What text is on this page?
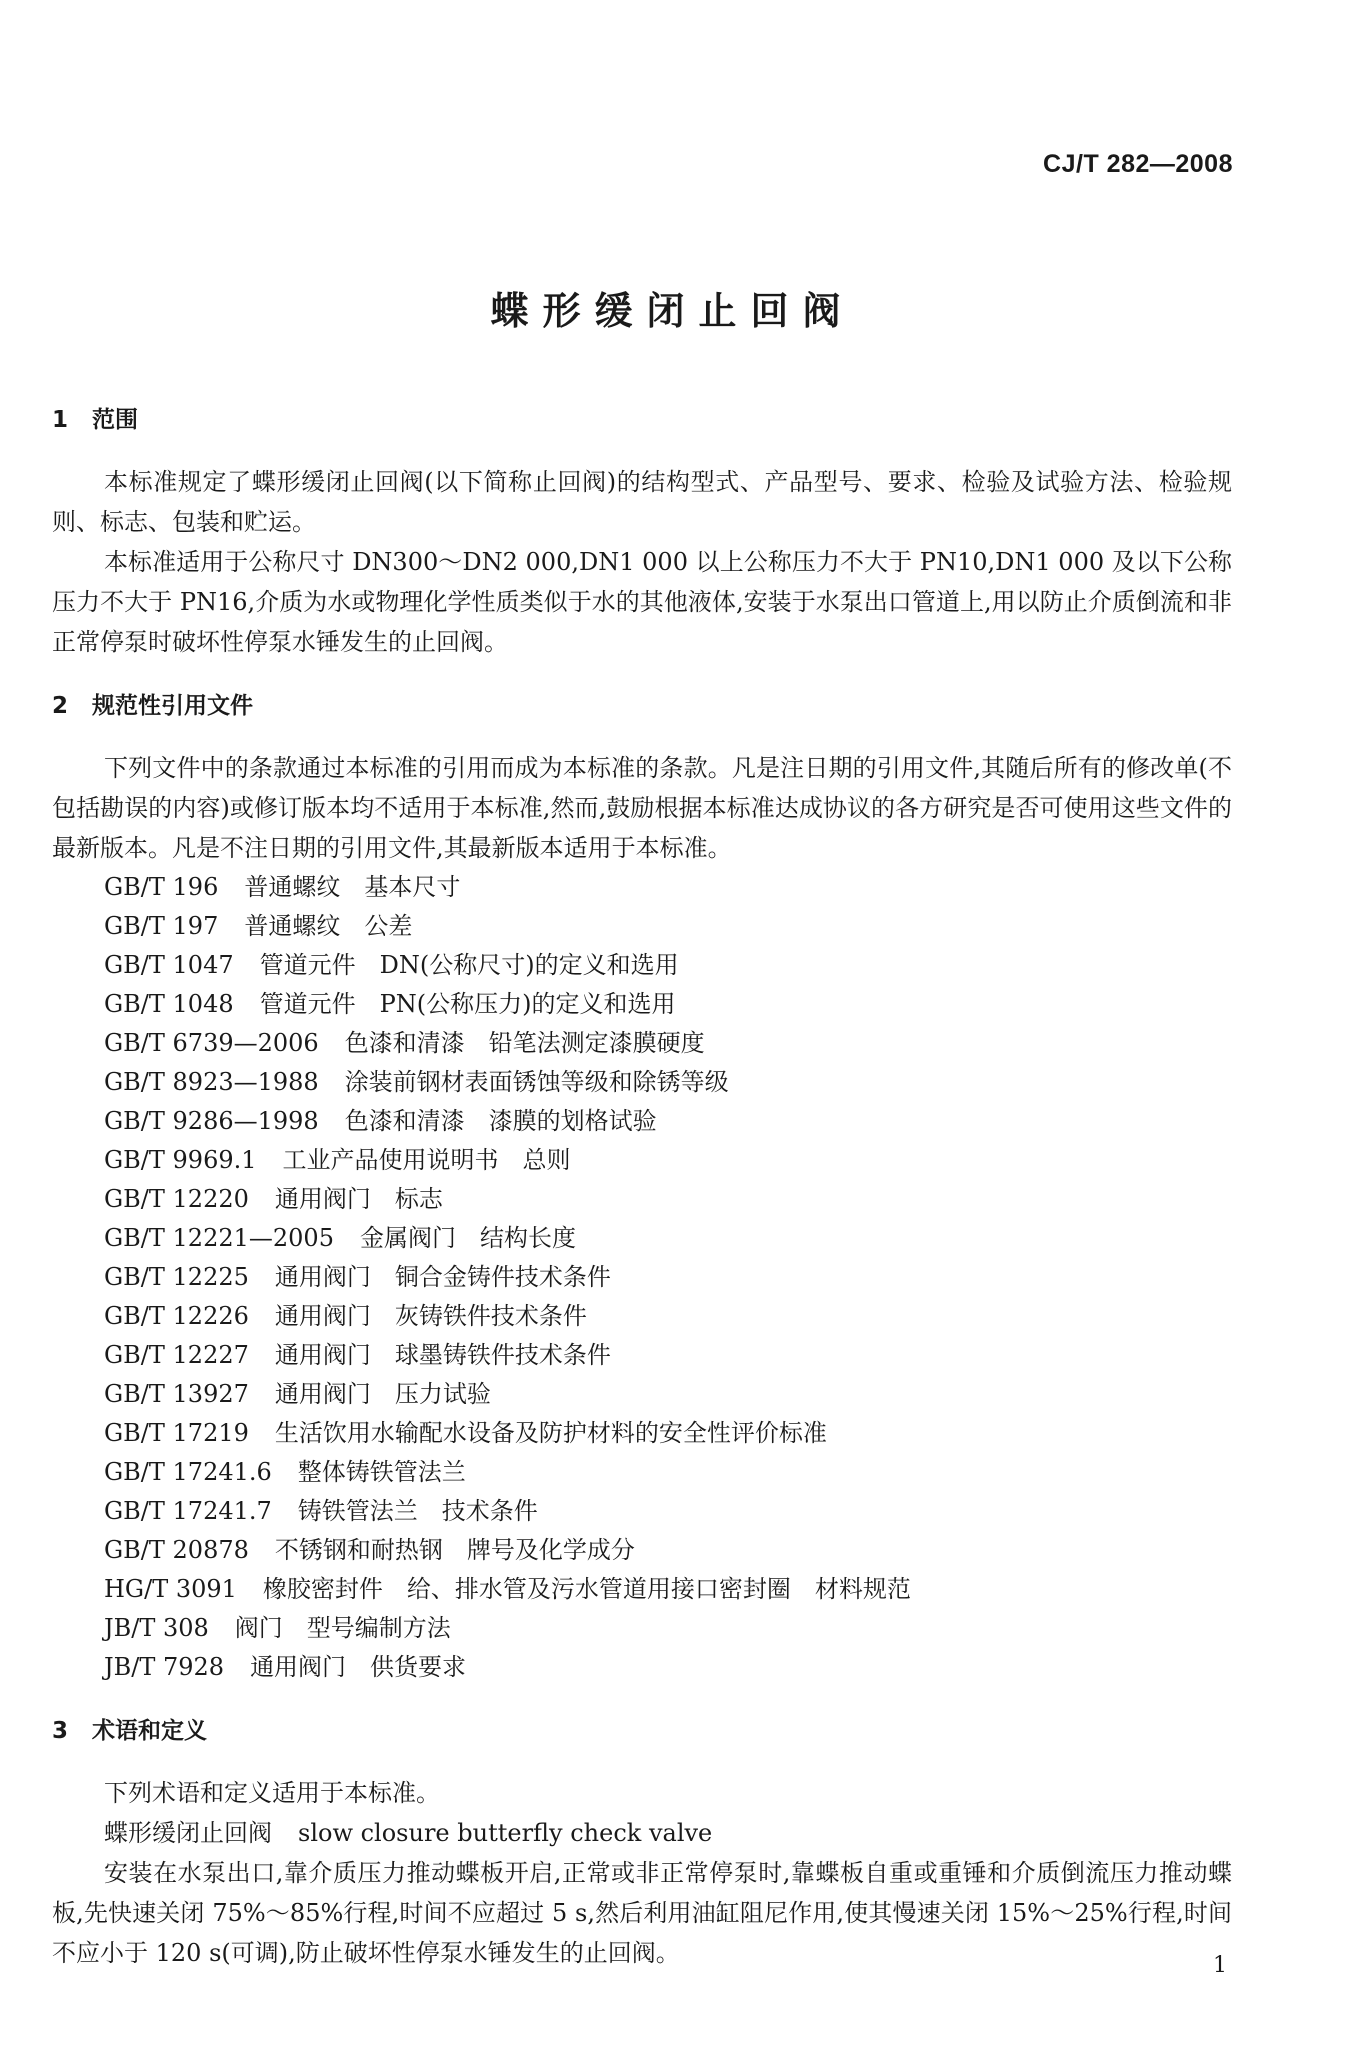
CJ/T 282—2008
蝶形缓闭止回阀
1 范围

本标准规定了蝶形缓闭止回阀(以下简称止回阀)的结构型式、产品型号、要求、检验及试验方法、检验规则、标志、包装和贮运。

本标准适用于公称尺寸 DN300～DN2 000,DN1 000 以上公称压力不大于 PN10,DN1 000 及以下公称压力不大于 PN16,介质为水或物理化学性质类似于水的其他液体,安装于水泵出口管道上,用以防止介质倒流和非正常停泵时破坏性停泵水锤发生的止回阀。

2 规范性引用文件

下列文件中的条款通过本标准的引用而成为本标准的条款。凡是注日期的引用文件,其随后所有的修改单(不包括勘误的内容)或修订版本均不适用于本标准,然而,鼓励根据本标准达成协议的各方研究是否可使用这些文件的最新版本。凡是不注日期的引用文件,其最新版本适用于本标准。

GB/T 196 普通螺纹　基本尺寸
GB/T 197 普通螺纹　公差
GB/T 1047 管道元件　DN(公称尺寸)的定义和选用
GB/T 1048 管道元件　PN(公称压力)的定义和选用
GB/T 6739—2006 色漆和清漆　铅笔法测定漆膜硬度
GB/T 8923—1988 涂装前钢材表面锈蚀等级和除锈等级
GB/T 9286—1998 色漆和清漆　漆膜的划格试验
GB/T 9969.1 工业产品使用说明书　总则
GB/T 12220 通用阀门　标志
GB/T 12221—2005 金属阀门　结构长度
GB/T 12225 通用阀门　铜合金铸件技术条件
GB/T 12226 通用阀门　灰铸铁件技术条件
GB/T 12227 通用阀门　球墨铸铁件技术条件
GB/T 13927 通用阀门　压力试验
GB/T 17219 生活饮用水输配水设备及防护材料的安全性评价标准
GB/T 17241.6 整体铸铁管法兰
GB/T 17241.7 铸铁管法兰　技术条件
GB/T 20878 不锈钢和耐热钢　牌号及化学成分
HG/T 3091 橡胶密封件　给、排水管及污水管道用接口密封圈　材料规范
JB/T 308 阀门　型号编制方法
JB/T 7928 通用阀门　供货要求
3 术语和定义

下列术语和定义适用于本标准。

蝶形缓闭止回阀 slow closure butterfly check valve

安装在水泵出口,靠介质压力推动蝶板开启,正常或非正常停泵时,靠蝶板自重或重锤和介质倒流压力推动蝶板,先快速关闭 75%～85%行程,时间不应超过 5 s,然后利用油缸阻尼作用,使其慢速关闭 15%～25%行程,时间不应小于 120 s(可调),防止破坏性停泵水锤发生的止回阀。	1
